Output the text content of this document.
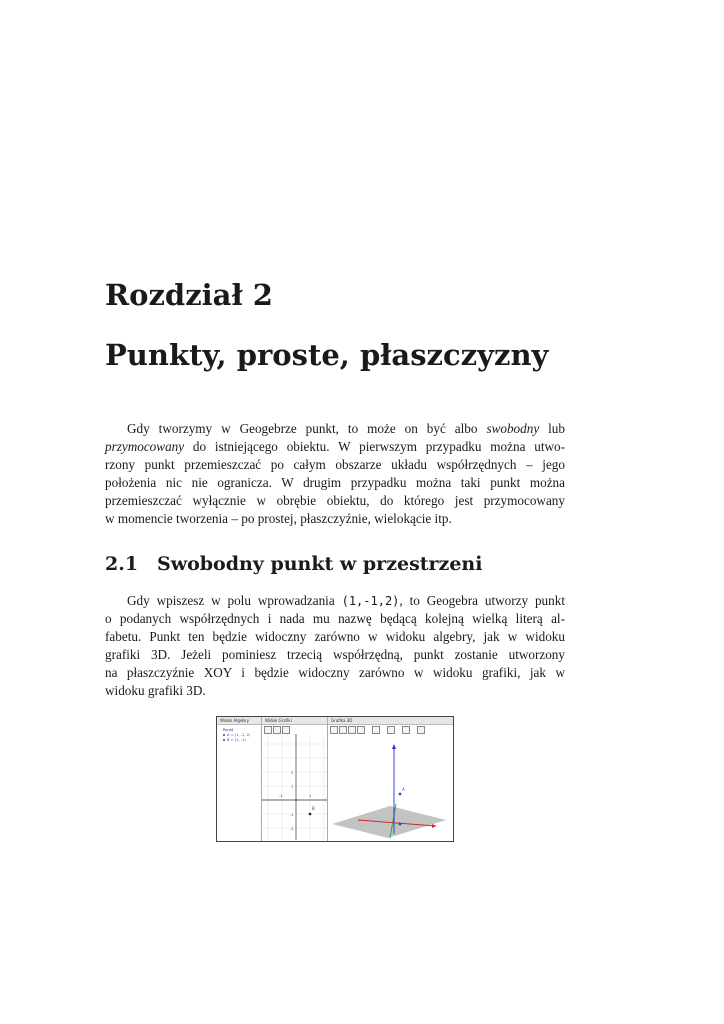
Rozdział 2
Punkty, proste, płaszczyzny
Gdy tworzymy w Geogebrze punkt, to może on być albo swobodny lub
przymocowany do istniejącego obiektu. W pierwszym przypadku można utwo-
rzony punkt przemieszczać po całym obszarze układu współrzędnych – jego
położenia nic nie ogranicza. W drugim przypadku można taki punkt można
przemieszczać wyłącznie w obrębie obiektu, do którego jest przymocowany
w momencie tworzenia – po prostej, płaszczyźnie, wielokącie itp.
2.1 Swobodny punkt w przestrzeni
Gdy wpiszesz w polu wprowadzania (1,-1,2), to Geogebra utworzy punkt
o podanych współrzędnych i nada mu nazwę będącą kolejną wielką literą al-
fabetu. Punkt ten będzie widoczny zarówno w widoku algebry, jak w widoku
grafiki 3D. Jeżeli pominiesz trzecią współrzędną, punkt zostanie utworzony
na płaszczyźnie XOY i będzie widoczny zarówno w widoku grafiki, jak w
widoku grafiki 3D.
Widok Algebry
Punkt
A = (1, -1, 2)
B = (1, -1)
Widok Grafiki
2
1
-1
-2
-1	1
B
Grafika 3D
A
